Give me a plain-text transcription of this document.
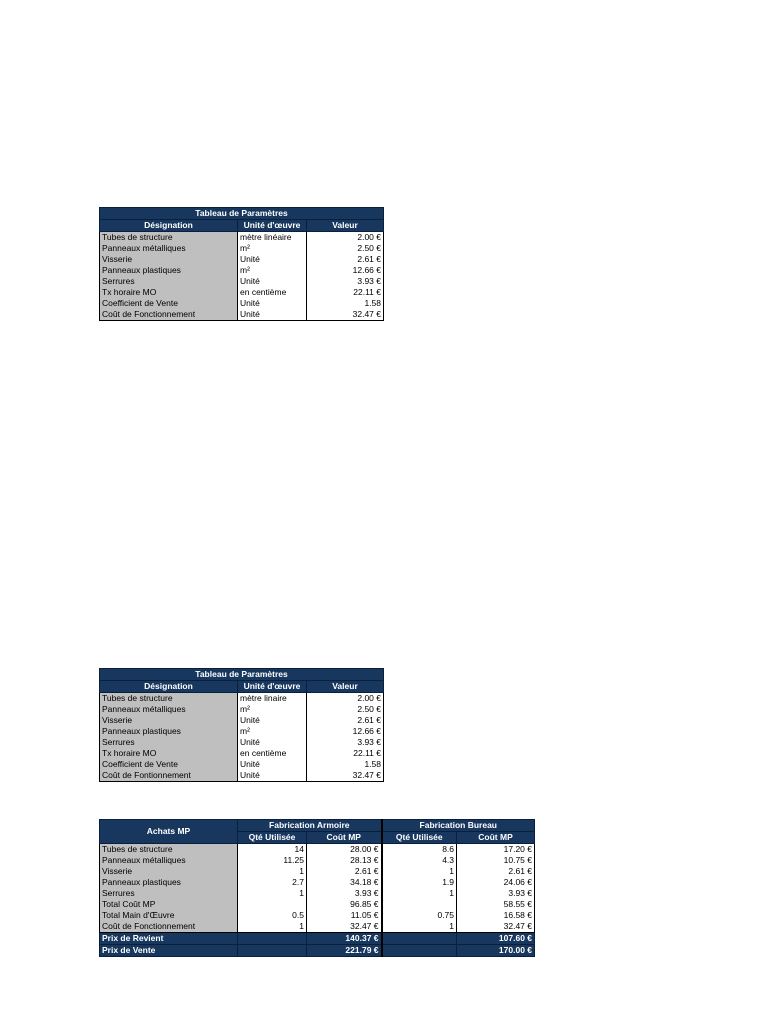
Tableau de Paramètres		
Désignation	Unité d'œuvre	Valeur
Tubes de structure	mètre linéaire	2.00 €
Panneaux métalliques	m²	2.50 €
Visserie	Unité	2.61 €
Panneaux plastiques	m²	12.66 €
Serrures	Unité	3.93 €
Tx horaire MO	en centième	22.11 €
Coefficient de Vente	Unité	1.58
Coût de Fonctionnement	Unité	32.47 €
Tableau de Paramètres		
Désignation	Unité d'œuvre	Valeur
Tubes de structure	mètre linaire	2.00 €
Panneaux métalliques	m²	2.50 €
Visserie	Unité	2.61 €
Panneaux plastiques	m²	12.66 €
Serrures	Unité	3.93 €
Tx horaire MO	en centième	22.11 €
Coefficient de Vente	Unité	1.58
Coût de Fontionnement	Unité	32.47 €
Achats MP	Fabrication Armoire		Fabrication Bureau	
	Qté Utilisée	Coût MP	Qté Utilisée	Coût MP
Tubes de structure	14	28.00 €	8.6	17.20 €
Panneaux métalliques	11.25	28.13 €	4.3	10.75 €
Visserie	1	2.61 €	1	2.61 €
Panneaux plastiques	2.7	34.18 €	1.9	24.06 €
Serrures	1	3.93 €	1	3.93 €
Total Coût MP		96.85 €		58.55 €
Total Main d'Œuvre	0.5	11.05 €	0.75	16.58 €
Coût de Fonctionnement	1	32.47 €	1	32.47 €
Prix de Revient		140.37 €		107.60 €
Prix de Vente		221.79 €		170.00 €
